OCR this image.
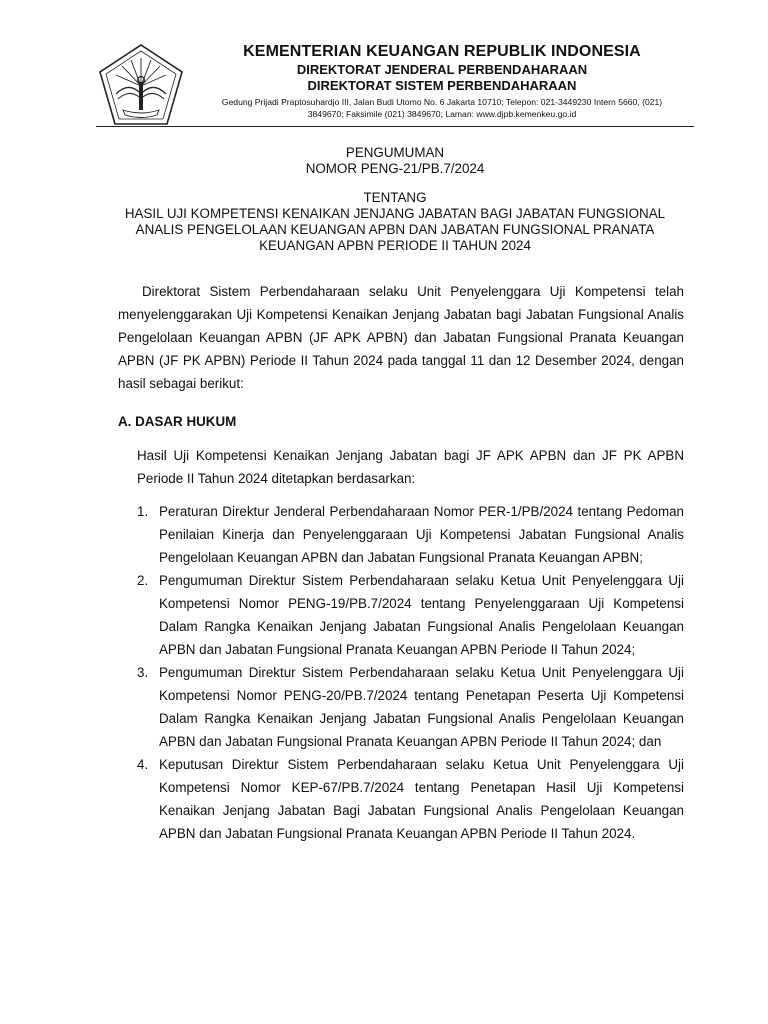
KEMENTERIAN KEUANGAN REPUBLIK INDONESIA
DIREKTORAT JENDERAL PERBENDAHARAAN
DIREKTORAT SISTEM PERBENDAHARAAN
Gedung Prijadi Praptosuhardjo III, Jalan Budi Utomo No. 6 Jakarta 10710; Telepon: 021-3449230 Intern 5660, (021)
3849670; Faksimile (021) 3849670; Laman: www.djpb.kemenkeu.go.id
PENGUMUMAN
NOMOR PENG-21/PB.7/2024
TENTANG
HASIL UJI KOMPETENSI KENAIKAN JENJANG JABATAN BAGI JABATAN FUNGSIONAL
ANALIS PENGELOLAAN KEUANGAN APBN DAN JABATAN FUNGSIONAL PRANATA
KEUANGAN APBN PERIODE II TAHUN 2024

Direktorat Sistem Perbendaharaan selaku Unit Penyelenggara Uji Kompetensi telah menyelenggarakan Uji Kompetensi Kenaikan Jenjang Jabatan bagi Jabatan Fungsional Analis Pengelolaan Keuangan APBN (JF APK APBN) dan Jabatan Fungsional Pranata Keuangan APBN (JF PK APBN) Periode II Tahun 2024 pada tanggal 11 dan 12 Desember 2024, dengan hasil sebagai berikut:

A. DASAR HUKUM

Hasil Uji Kompetensi Kenaikan Jenjang Jabatan bagi JF APK APBN dan JF PK APBN Periode II Tahun 2024 ditetapkan berdasarkan:

1. Peraturan Direktur Jenderal Perbendaharaan Nomor PER-1/PB/2024 tentang Pedoman Penilaian Kinerja dan Penyelenggaraan Uji Kompetensi Jabatan Fungsional Analis Pengelolaan Keuangan APBN dan Jabatan Fungsional Pranata Keuangan APBN;
2. Pengumuman Direktur Sistem Perbendaharaan selaku Ketua Unit Penyelenggara Uji Kompetensi Nomor PENG-19/PB.7/2024 tentang Penyelenggaraan Uji Kompetensi Dalam Rangka Kenaikan Jenjang Jabatan Fungsional Analis Pengelolaan Keuangan APBN dan Jabatan Fungsional Pranata Keuangan APBN Periode II Tahun 2024;
3. Pengumuman Direktur Sistem Perbendaharaan selaku Ketua Unit Penyelenggara Uji Kompetensi Nomor PENG-20/PB.7/2024 tentang Penetapan Peserta Uji Kompetensi Dalam Rangka Kenaikan Jenjang Jabatan Fungsional Analis Pengelolaan Keuangan APBN dan Jabatan Fungsional Pranata Keuangan APBN Periode II Tahun 2024; dan
4. Keputusan Direktur Sistem Perbendaharaan selaku Ketua Unit Penyelenggara Uji Kompetensi Nomor KEP-67/PB.7/2024 tentang Penetapan Hasil Uji Kompetensi Kenaikan Jenjang Jabatan Bagi Jabatan Fungsional Analis Pengelolaan Keuangan APBN dan Jabatan Fungsional Pranata Keuangan APBN Periode II Tahun 2024.
